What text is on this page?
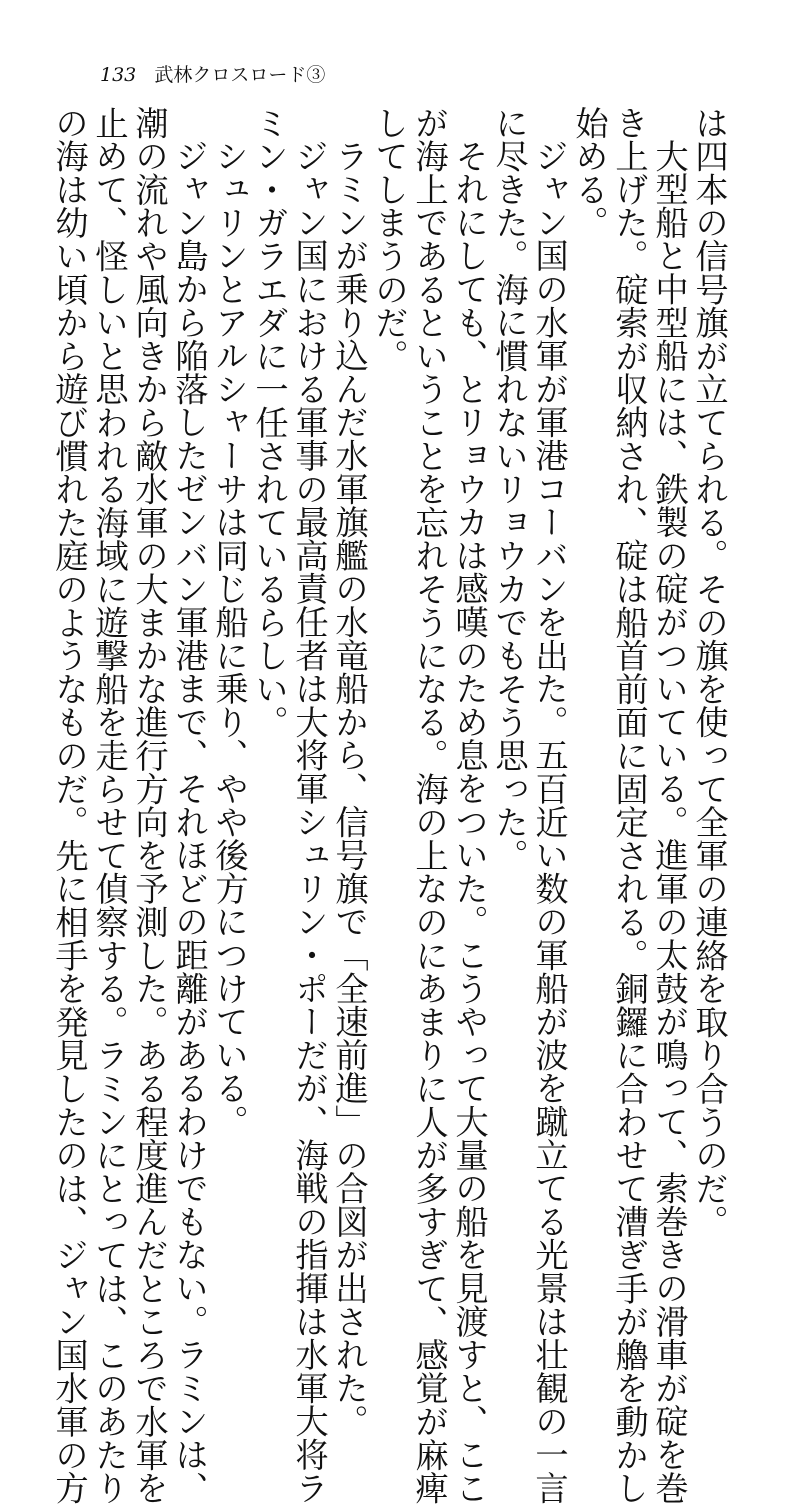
133 武林クロスロード③

は四本の信号旗が立てられる。その旗を使って全軍の連絡を取り合うのだ。

大型船と中型船には、鉄製の碇がついている。進軍の太鼓が鳴って、索巻きの滑車が碇を巻

き上げた。碇索が収納され、碇は船首前面に固定される。銅鑼に合わせて漕ぎ手が艪を動かし

始める。

ジャン国の水軍が軍港コーバンを出た。五百近い数の軍船が波を蹴立てる光景は壮観の一言

に尽きた。海に慣れないリョウカでもそう思った。

それにしても、とリョウカは感嘆のため息をついた。こうやって大量の船を見渡すと、ここ

が海上であるということを忘れそうになる。海の上なのにあまりに人が多すぎて、感覚が麻痺

してしまうのだ。

ラミンが乗り込んだ水軍旗艦の水竜船から、信号旗で「全速前進」の合図が出された。

ジャン国における軍事の最高責任者は大将軍シュリン・ポーだが、海戦の指揮は水軍大将ラ

ミン・ガラエダに一任されているらしい。

シュリンとアルシャーサは同じ船に乗り、やや後方につけている。

ジャン島から陥落したゼンバン軍港まで、それほどの距離があるわけでもない。ラミンは、

潮の流れや風向きから敵水軍の大まかな進行方向を予測した。ある程度進んだところで水軍を

止めて、怪しいと思われる海域に遊撃船を走らせて偵察する。ラミンにとっては、このあたり

の海は幼い頃から遊び慣れた庭のようなものだ。先に相手を発見したのは、ジャン国水軍の方
